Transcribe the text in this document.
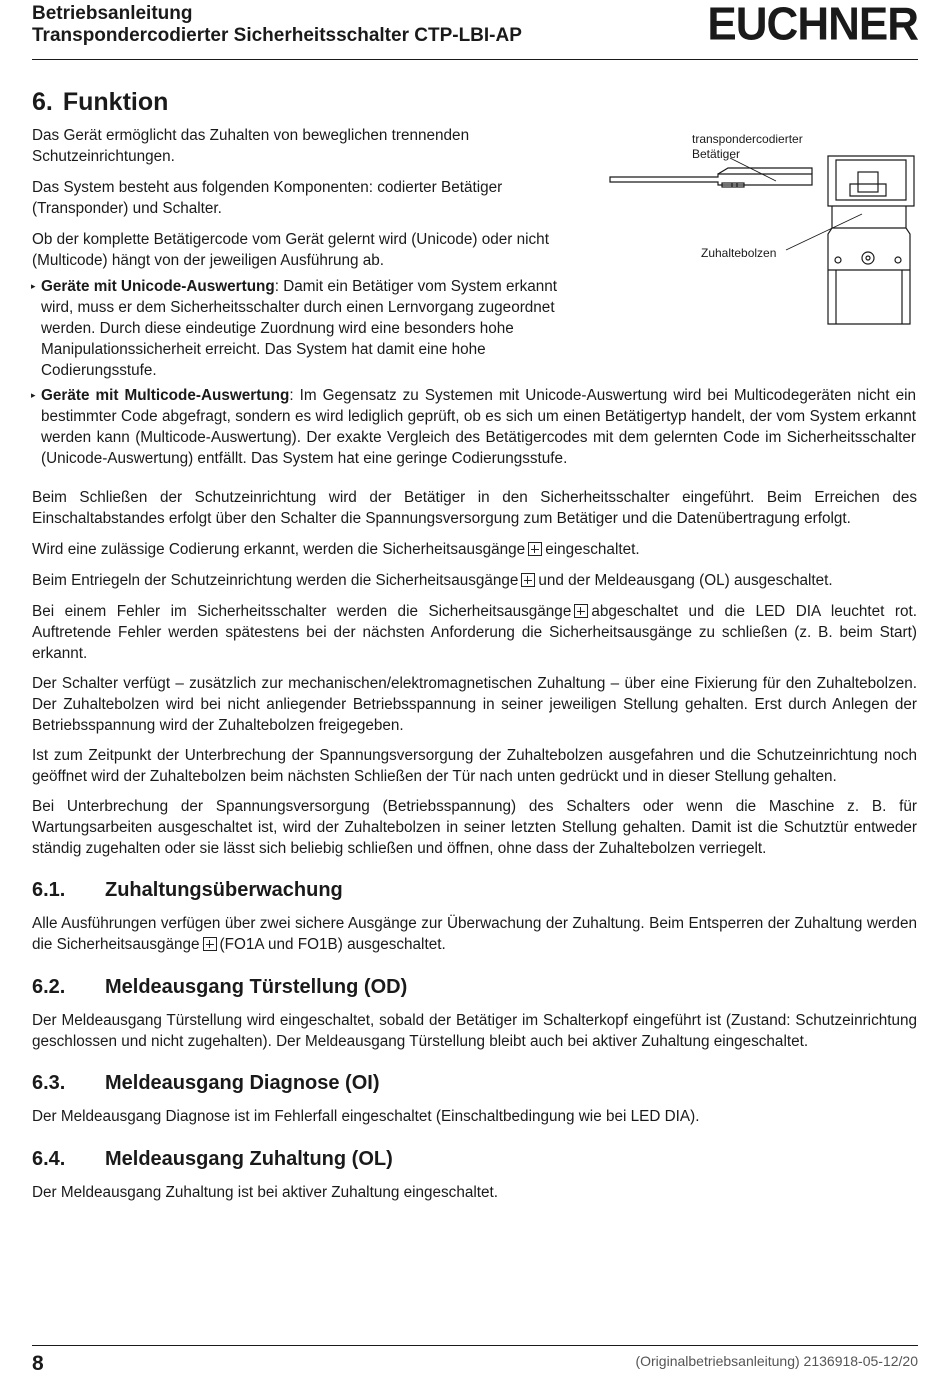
Betriebsanleitung
Transpondercodierter Sicherheitsschalter CTP-LBI-AP	EUCHNER
6. Funktion
Das Gerät ermöglicht das Zuhalten von beweglichen trennenden Schutzeinrichtungen.
Das System besteht aus folgenden Komponenten: codierter Betätiger (Transponder) und Schalter.
Ob der komplette Betätigercode vom Gerät gelernt wird (Unicode) oder nicht (Multicode) hängt von der jeweiligen Ausführung ab.
▸ Geräte mit Unicode-Auswertung: Damit ein Betätiger vom System erkannt wird, muss er dem Sicherheitsschalter durch einen Lernvorgang zugeordnet werden. Durch diese eindeutige Zuordnung wird eine besonders hohe Manipulationssicherheit erreicht. Das System hat damit eine hohe Codierungsstufe.
▸ Geräte mit Multicode-Auswertung: Im Gegensatz zu Systemen mit Unicode-Auswertung wird bei Multicodegeräten nicht ein bestimmter Code abgefragt, sondern es wird lediglich geprüft, ob es sich um einen Betätigertyp handelt, der vom System erkannt werden kann (Multicode-Auswertung). Der exakte Vergleich des Betätigercodes mit dem gelernten Code im Sicherheitsschalter (Unicode-Auswertung) entfällt. Das System hat eine geringe Codierungsstufe.
transpondercodierter
Betätiger
Zuhaltebolzen
Beim Schließen der Schutzeinrichtung wird der Betätiger in den Sicherheitsschalter eingeführt. Beim Erreichen des Einschaltabstandes erfolgt über den Schalter die Spannungsversorgung zum Betätiger und die Datenübertragung erfolgt.
Wird eine zulässige Codierung erkannt, werden die Sicherheitsausgänge eingeschaltet.
Beim Entriegeln der Schutzeinrichtung werden die Sicherheitsausgänge und der Meldeausgang (OL) ausgeschaltet.
Bei einem Fehler im Sicherheitsschalter werden die Sicherheitsausgänge abgeschaltet und die LED DIA leuchtet rot. Auftretende Fehler werden spätestens bei der nächsten Anforderung die Sicherheitsausgänge zu schließen (z. B. beim Start) erkannt.
Der Schalter verfügt – zusätzlich zur mechanischen/elektromagnetischen Zuhaltung – über eine Fixierung für den Zuhaltebolzen. Der Zuhaltebolzen wird bei nicht anliegender Betriebsspannung in seiner jeweiligen Stellung gehalten. Erst durch Anlegen der Betriebsspannung wird der Zuhaltebolzen freigegeben.
Ist zum Zeitpunkt der Unterbrechung der Spannungsversorgung der Zuhaltebolzen ausgefahren und die Schutzeinrichtung noch geöffnet wird der Zuhaltebolzen beim nächsten Schließen der Tür nach unten gedrückt und in dieser Stellung gehalten.
Bei Unterbrechung der Spannungsversorgung (Betriebsspannung) des Schalters oder wenn die Maschine z. B. für Wartungsarbeiten ausgeschaltet ist, wird der Zuhaltebolzen in seiner letzten Stellung gehalten. Damit ist die Schutztür entweder ständig zugehalten oder sie lässt sich beliebig schließen und öffnen, ohne dass der Zuhaltebolzen verriegelt.
6.1. Zuhaltungsüberwachung
Alle Ausführungen verfügen über zwei sichere Ausgänge zur Überwachung der Zuhaltung. Beim Entsperren der Zuhaltung werden die Sicherheitsausgänge (FO1A und FO1B) ausgeschaltet.
6.2. Meldeausgang Türstellung (OD)
Der Meldeausgang Türstellung wird eingeschaltet, sobald der Betätiger im Schalterkopf eingeführt ist (Zustand: Schutzeinrichtung geschlossen und nicht zugehalten). Der Meldeausgang Türstellung bleibt auch bei aktiver Zuhaltung eingeschaltet.
6.3. Meldeausgang Diagnose (OI)
Der Meldeausgang Diagnose ist im Fehlerfall eingeschaltet (Einschaltbedingung wie bei LED DIA).
6.4. Meldeausgang Zuhaltung (OL)
Der Meldeausgang Zuhaltung ist bei aktiver Zuhaltung eingeschaltet.
8	(Originalbetriebsanleitung) 2136918-05-12/20
